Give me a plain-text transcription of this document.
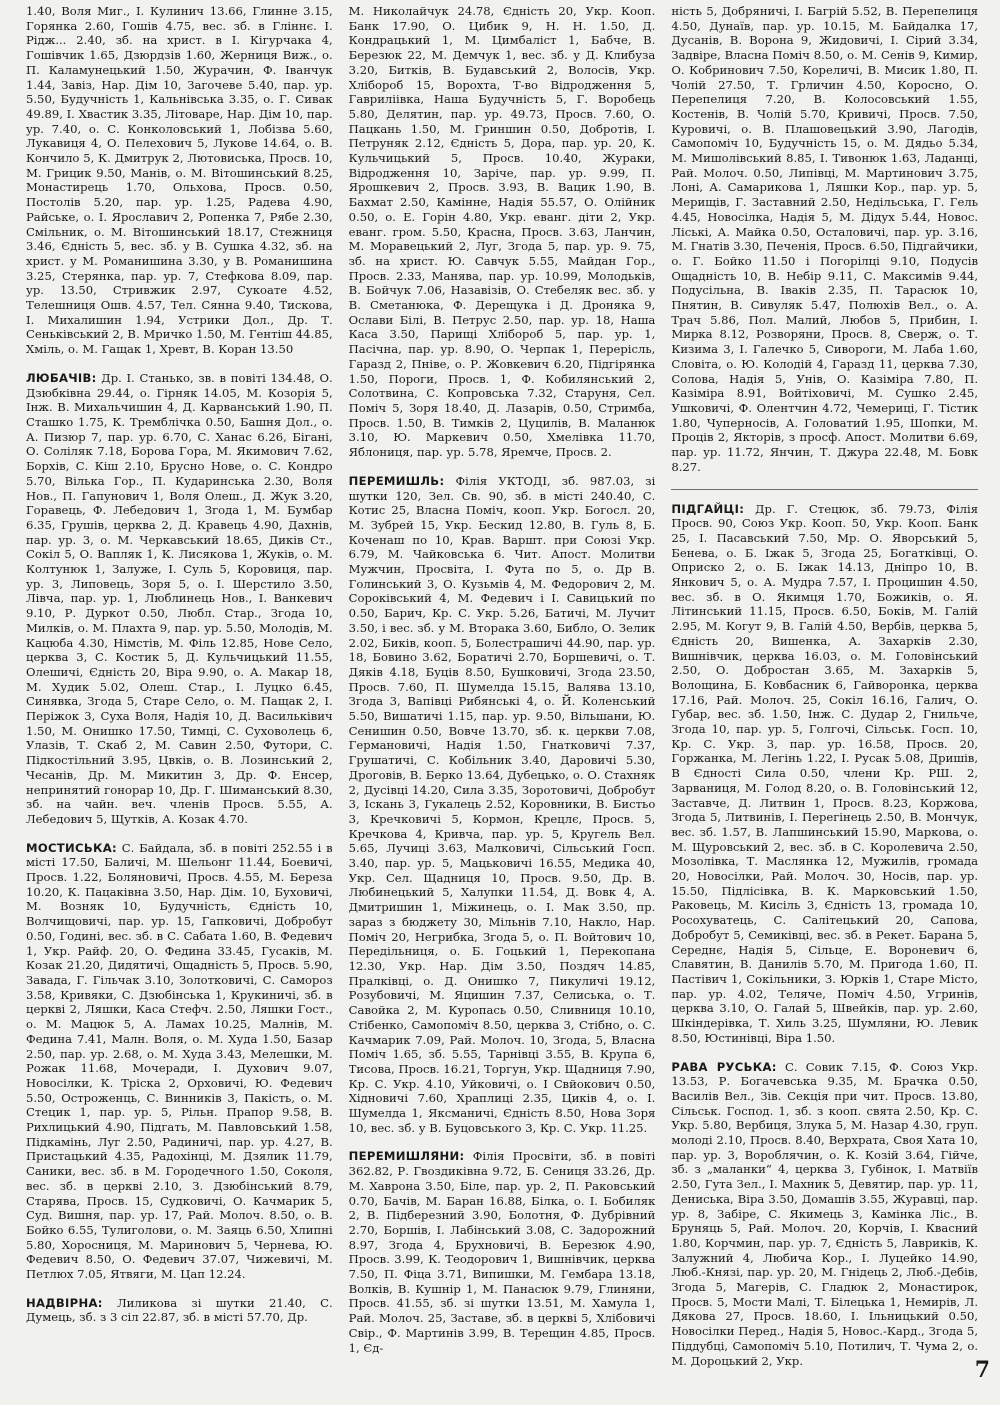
1.40, Воля Миг., І. Кулинич 13.66, Глинне 3.15, Горянка 2.60, Гошів 4.75, вес. зб. в Гліннє. І. Рідж... 2.40, зб. на христ. в І. Кігурчака 4, Гошівчик 1.65, Дзюрдзів 1.60, Жерниця Виж., о. П. Каламунецький 1.50, Журачин, Ф. Іванчук 1.44, Завіз, Нар. Дім 10, Загочеве 5.40, пар. ур. 5.50, Будучність 1, Кальнівська 3.35, о. Г. Сивак 49.89, І. Хвастик 3.35, Літоваре, Нар. Дім 10, пар. ур. 7.40, о. С. Конколовський 1, Лобізва 5.60, Лукавиця 4, О. Пелехович 5, Лукове 14.64, о. В. Кончило 5, К. Дмитрук 2, Лютовиська, Просв. 10, М. Грицик 9.50, Манів, о. М. Вітошинський 8.25, Монастирець 1.70, Ольхова, Просв. 0.50, Постолів 5.20, пар. ур. 1.25, Радева 4.90, Райське, о. І. Ярославич 2, Ропенка 7, Рябе 2.30, Смільник, о. М. Вітошинський 18.17, Стежниця 3.46, Єдність 5, вес. зб. у В. Сушка 4.32, зб. на христ. у М. Романишина 3.30, у В. Романишина 3.25, Стерянка, пар. ур. 7, Стефкова 8.09, пар. ур. 13.50, Стривжик 2.97, Сукоате 4.52, Телешниця Ошв. 4.57, Тел. Сянна 9.40, Тискова, І. Михалишин 1.94, Устрики Дол., Др. Т. Сеньківський 2, В. Мричко 1.50, М. Гентіш 44.85, Хміль, о. М. Гащак 1, Хревт, В. Коран 13.50

ЛЮБАЧІВ: Др. І. Станько, зв. в повіті 134.48, О. Дзюбківна 29.44, о. Гірняк 14.05, М. Козорія 5, Інж. В. Михальчишин 4, Д. Карванський 1.90, П. Сташко 1.75, К. Тремблічка 0.50, Башня Дол., о. А. Пизюр 7, пар. ур. 6.70, С. Ханас 6.26, Бігані, О. Солiляк 7.18, Борова Гора, М. Якимович 7.62, Борхів, С. Кіш 2.10, Брусно Нове, о. С. Кондро 5.70, Вілька Гор., П. Кударинська 2.30, Воля Нов., П. Гапунович 1, Воля Олеш., Д. Жук 3.20, Горавець, Ф. Лебедович 1, Згода 1, М. Бумбар 6.35, Грушів, церква 2, Д. Кравець 4.90, Дахнів, пар. ур. 3, о. М. Черкавський 18.65, Диків Ст., Сокіл 5, О. Вапляк 1, К. Лисякова 1, Жуків, о. М. Колтунюк 1, Залуже, І. Суль 5, Коровиця, пар. ур. 3, Липовець, Зоря 5, о. І. Шерстило 3.50, Лівча, пар. ур. 1, Люблинець Нов., І. Ванкевич 9.10, Р. Дуркот 0.50, Любл. Стар., Згода 10, Милків, о. М. Плахта 9, пар. ур. 5.50, Молодів, М. Кацюба 4.30, Німстів, М. Філь 12.85, Нове Село, церква 3, С. Костик 5, Д. Кульчицький 11.55, Олешичі, Єдність 20, Віра 9.90, о. А. Макар 18, М. Худик 5.02, Олеш. Стар., І. Луцко 6.45, Синявка, Згода 5, Старе Село, о. М. Пащак 2, І. Періжок 3, Суха Воля, Надія 10, Д. Васильківич 1.50, М. Онишко 17.50, Тимці, С. Суховолець 6, Улазів, Т. Скаб 2, М. Савин 2.50, Футори, С. Підкостільний 3.95, Цвків, о. В. Лозинський 2, Чесанів, Др. М. Микитин 3, Др. Ф. Енсер, непринятий гонорар 10, Др. Г. Шиманський 8.30, зб. на чайн. веч. членів Просв. 5.55, А. Лебедович 5, Щутків, А. Козак 4.70.

МОСТИСЬКА: С. Байдала, зб. в повіті 252.55 і в місті 17.50, Баличі, М. Шельонг 11.44, Боевичі, Просв. 1.22, Боляновичі, Просв. 4.55, М. Береза 10.20, К. Пацаківна 3.50, Нар. Дім. 10, Буховичі, М. Возняк 10, Будучність, Єдність 10, Волчищовичі, пар. ур. 15, Гапковичі, Добробут 0.50, Годині, вес. зб. в С. Сабата 1.60, В. Федевич 1, Укр. Райф. 20, О. Федина 33.45, Гусаків, М. Козак 21.20, Дидятичі, Ощадність 5, Просв. 5.90, Завада, Г. Гільчак 3.10, Золотковичі, С. Самороз 3.58, Кривяки, С. Дзюбінська 1, Крукиничі, зб. в церкві 2, Ляшки, Каса Стефч. 2.50, Ляшки Гост., о. М. Мацюк 5, А. Ламах 10.25, Малнів, М. Федина 7.41, Малн. Воля, о. М. Худа 1.50, Базар 2.50, пар. ур. 2.68, о. М. Худа 3.43, Мелешки, М. Рожак 11.68, Мочеради, І. Духович 9.07, Новосілки, К. Тріска 2, Орховичі, Ю. Федевич 5.50, Остроженць, С. Винників 3, Пакість, о. М. Стецик 1, пар. ур. 5, Рільн. Прапор 9.58, В. Рихлицький 4.90, Підгать, М. Павловський 1.58, Підкамінь, Луг 2.50, Радиничі, пар. ур. 4.27, В. Пристацький 4.35, Радохінці, М. Дзялик 11.79, Саники, вес. зб. в М. Городечного 1.50, Соколя, вес. зб. в церкві 2.10, З. Дзюбінський 8.79, Старява, Просв. 15, Судковичі, О. Качмарик 5, Суд. Вишня, пар. ур. 17, Рай. Молоч. 8.50, о. В. Бойко 6.55, Тулиголови, о. М. Заяць 6.50, Хлипні 5.80, Хоросниця, М. Маринович 5, Чернева, Ю. Федевич 8.50, О. Федевич 37.07, Чижевичі, М. Петлюх 7.05, Ятвяги, М. Цап 12.24.

НАДВІРНА: Лиликова зі шутки 21.40, С. Думець, зб. з 3 сіл 22.87, зб. в місті 57.70, Др.

М. Николайчук 24.78, Єдність 20, Укр. Кооп. Банк 17.90, О. Цибик 9, Н. Н. 1.50, Д. Кондрацький 1, М. Цимбаліст 1, Бабче, В. Березюк 22, М. Демчук 1, вес. зб. у Д. Клибуза 3.20, Битків, В. Будавський 2, Волосів, Укр. Хлібороб 15, Ворохта, Т-во Відродження 5, Гавриліівка, Наша Будучність 5, Г. Воробець 5.80, Делятин, пар. ур. 49.73, Просв. 7.60, О. Пацкань 1.50, М. Гриншин 0.50, Добротів, І. Петруняк 2.12, Єдність 5, Дора, пар. ур. 20, К. Кульчицький 5, Просв. 10.40, Жураки, Відродження 10, Заріче, пар. ур. 9.99, П. Ярошкевич 2, Просв. 3.93, В. Вацик 1.90, В. Бахмат 2.50, Камінне, Надія 55.57, О. Олійник 0.50, о. Е. Горін 4.80, Укр. еванг. діти 2, Укр. еванг. гром. 5.50, Красна, Просв. 3.63, Ланчин, М. Моравецький 2, Луг, Згода 5, пар. ур. 9. 75, зб. на христ. Ю. Савчук 5.55, Майдан Гор., Просв. 2.33, Манява, пар. ур. 10.99, Молодьків, В. Бойчук 7.06, Назавізів, О. Стебеляк вес. зб. у В. Сметанюка, Ф. Дерещука і Д. Дроняка 9, Ослави Білі, В. Петрус 2.50, пар. ур. 18, Наша Каса 3.50, Парищі Хлібороб 5, пар. ур. 1, Пасічна, пар. ур. 8.90, О. Черпак 1, Перерісль, Гаразд 2, Пніве, о. Р. Жовкевич 6.20, Підгірянка 1.50, Пороги, Просв. 1, Ф. Кобилянський 2, Солотвина, С. Копровська 7.32, Старуня, Сел. Поміч 5, Зоря 18.40, Д. Лазарів, 0.50, Стримба, Просв. 1.50, В. Тимків 2, Цуцилів, В. Маланюк 3.10, Ю. Маркевич 0.50, Хмелівка 11.70, Яблониця, пар. ур. 5.78, Яремче, Просв. 2.

ПЕРЕМИШЛЬ: Філія УКТОДІ, зб. 987.03, зі шутки 120, Зел. Св. 90, зб. в місті 240.40, С. Котис 25, Власна Поміч, кооп. Укр. Богосл. 20, М. Зубрей 15, Укр. Бескид 12.80, В. Гуль 8, Б. Коченаш по 10, Крав. Варшт. при Союзі Укр. 6.79, М. Чайковська 6. Чит. Апост. Молитви Мужчин, Просвіта, І. Фута по 5, о. Др В. Голинський 3, О. Кузьмів 4, М. Федорович 2, М. Сороківський 4, М. Федевич і І. Савицький по 0.50, Барич, Кр. С. Укр. 5.26, Батичі, М. Лучит 3.50, і вес. зб. у М. Вторака 3.60, Библо, О. Зелик 2.02, Биків, кооп. 5, Болестрашичі 44.90, пар. ур. 18, Бовино 3.62, Боратичі 2.70, Боршевичі, о. Т. Дяків 4.18, Буців 8.50, Бушковичі, Згода 23.50, Просв. 7.60, П. Шумелда 15.15, Валява 13.10, Згода 3, Вапівці Рибянські 4, о. Й. Коленський 5.50, Вишатичі 1.15, пар. ур. 9.50, Вільшани, Ю. Сенишин 0.50, Вовче 13.70, зб. к. церкви 7.08, Германовичі, Надія 1.50, Гнатковичі 7.37, Грушатичі, С. Кобільник 3.40, Даровичі 5.30, Дроговів, В. Берко 13.64, Дубецько, о. О. Стахняк 2, Дусівці 14.20, Сила 3.35, Зоротовичі, Добробут 3, Іскань 3, Гукалець 2.52, Коровники, В. Бистьо 3, Кречковичі 5, Кормон, Крецлє, Просв. 5, Кречкова 4, Кривча, пар. ур. 5, Кругель Вел. 5.65, Лучиці 3.63, Малковичі, Сільський Госп. 3.40, пар. ур. 5, Мацьковичі 16.55, Медика 40, Укр. Сел. Щадниця 10, Просв. 9.50, Др. В. Любинецький 5, Халупки 11.54, Д. Вовк 4, А. Дмитришин 1, Міжинець, о. І. Мак 3.50, пр. зараз з бюджету 30, Мільнів 7.10, Накло, Нар. Поміч 20, Негрибка, Згода 5, о. П. Войтович 10, Передільниця, о. Б. Гоцький 1, Перекопана 12.30, Укр. Нар. Дім 3.50, Поздяч 14.85, Пралківці, о. Д. Онишко 7, Пикуличі 19.12, Розубовичі, М. Яцишин 7.37, Селиська, о. Т. Савойка 2, М. Куропась 0.50, Сливниця 10.10, Стібенко, Самопоміч 8.50, церква 3, Стібно, о. С. Качмарик 7.09, Рай. Молоч. 10, Згода, 5, Власна Поміч 1.65, зб. 5.55, Тарнівці 3.55, В. Крупа 6, Тисова, Просв. 16.21, Торгун, Укр. Щадниця 7.90, Кр. С. Укр. 4.10, Уйковичі, о. І Свйокович 0.50, Хідновичі 7.60, Храплиці 2.35, Циків 4, о. І. Шумелда 1, Яксманичі, Єдність 8.50, Нова Зоря 10, вес. зб. у В. Буцовського 3, Кр. С. Укр. 11.25.

ПЕРЕМИШЛЯНИ: Філія Просвіти, зб. в повіті 362.82, Р. Гвоздиківна 9.72, Б. Сениця 33.26, Др. М. Хаврона 3.50, Біле, пар. ур. 2, П. Раковський 0.70, Бачів, М. Баран 16.88, Білка, о. І. Бобиляк 2, В. Підберезний 3.90, Болотня, Ф. Дубрівний 2.70, Боршів, І. Лабінський 3.08, С. Задорожний 8.97, Згода 4, Брухновичі, В. Березюк 4.90, Просв. 3.99, К. Теодорович 1, Вишнівчик, церква 7.50, П. Фіца 3.71, Випишки, М. Гембара 13.18, Волків, В. Кушнір 1, М. Панасюк 9.79, Глиняни, Просв. 41.55, зб. зі шутки 13.51, М. Хамула 1, Рай. Молоч. 25, Заставе, зб. в церкві 5, Хлібовичі Свір., Ф. Мартинів 3.99, В. Терещин 4.85, Просв. 1, Єд-

ність 5, Добряничі, І. Багрій 5.52, В. Перепелиця 4.50, Дунаїв, пар. ур. 10.15, М. Байдалка 17, Дусанів, В. Ворона 9, Жидовичі, І. Сірий 3.34, Задвіре, Власна Поміч 8.50, о. М. Сенів 9, Кимир, О. Кобринович 7.50, Кореличі, В. Мисик 1.80, П. Чолій 27.50, Т. Грличин 4.50, Коросно, О. Перепелиця 7.20, В. Колосовський 1.55, Костенів, В. Чолій 5.70, Кривичі, Просв. 7.50, Куровичі, о. В. Плашовецький 3.90, Лагодів, Самопоміч 10, Будучність 15, о. М. Дядьо 5.34, М. Мишолівський 8.85, І. Тивонюк 1.63, Ладанці, Рай. Молоч. 0.50, Липівці, М. Мартинович 3.75, Лоні, А. Самарикова 1, Ляшки Кор., пар. ур. 5, Мерищів, Г. Заставний 2.50, Недільська, Г. Гель 4.45, Новосілка, Надія 5, М. Дідух 5.44, Новос. Ліські, А. Майка 0.50, Осталовичі, пар. ур. 3.16, М. Гнатів 3.30, Печенія, Просв. 6.50, Підгайчики, о. Г. Бойко 11.50 і Погорілці 9.10, Подусів Ощадність 10, В. Небір 9.11, С. Максимів 9.44, Подусільна, В. Іваків 2.35, П. Тарасюк 10, Пнятин, В. Сивуляк 5.47, Полюхів Вел., о. А. Трач 5.86, Пол. Малий, Любов 5, Прибин, І. Мирка 8.12, Розворяни, Просв. 8, Сверж, о. Т. Кизима 3, І. Галечко 5, Сивороги, М. Лаба 1.60, Словіта, о. Ю. Колодій 4, Гаразд 11, церква 7.30, Солова, Надія 5, Унів, О. Казіміра 7.80, П. Казіміра 8.91, Войтіховичі, М. Сушко 2.45, Ушковичі, Ф. Олентчин 4.72, Чемериці, Г. Тістик 1.80, Чуперносів, А. Головатий 1.95, Шопки, М. Проців 2, Якторів, з просф. Апост. Молитви 6.69, пар. ур. 11.72, Янчин, Т. Джура 22.48, М. Бовк 8.27.

ПІДГАЙЦІ: Др. Г. Стецюк, зб. 79.73, Філія Просв. 90, Союз Укр. Кооп. 50, Укр. Кооп. Банк 25, І. Пасавський 7.50, Мр. О. Яворський 5, Бенева, о. Б. Іжак 5, Згода 25, Богатківці, О. Оприско 2, о. Б. Іжак 14.13, Дніпро 10, В. Янкович 5, о. А. Мудра 7.57, І. Процишин 4.50, вес. зб. в О. Якимця 1.70, Божиків, о. Я. Літинський 11.15, Просв. 6.50, Боків, М. Галій 2.95, М. Когут 9, В. Галій 4.50, Вербів, церква 5, Єдність 20, Вишенка, А. Захарків 2.30, Вишнівчик, церква 16.03, о. М. Головінський 2.50, О. Добростан 3.65, М. Захарків 5, Волощина, Б. Ковбасник 6, Гайворонка, церква 17.16, Рай. Молоч. 25, Сокіл 16.16, Галич, О. Губар, вес. зб. 1.50, Інж. С. Дудар 2, Гнильче, Згода 10, пар. ур. 5, Голгочі, Сільськ. Госп. 10, Кр. С. Укр. 3, пар. ур. 16.58, Просв. 20, Горжанка, М. Легінь 1.22, І. Русак 5.08, Дришів, В Єдності Сила 0.50, члени Кр. РШ. 2, Зарваниця, М. Голод 8.20, о. В. Головінський 12, Заставче, Д. Литвин 1, Просв. 8.23, Коржова, Згода 5, Литвинів, І. Перегінець 2.50, В. Мончук, вес. зб. 1.57, В. Лапшинський 15.90, Маркова, о. М. Щуровський 2, вес. зб. в С. Королевича 2.50, Мозолівка, Т. Маслянка 12, Мужилів, громада 20, Новосілки, Рай. Молоч. 30, Носів, пар. ур. 15.50, Підлісівка, В. К. Марковський 1.50, Раковець, М. Кисіль 3, Єдність 13, громада 10, Росохуватець, С. Салітецький 20, Сапова, Добробут 5, Семиківці, вес. зб. в Рекет. Барана 5, Середнє, Надія 5, Сільце, Е. Вороневич 6, Славятин, В. Данилів 5.70, М. Пригода 1.60, П. Пастівич 1, Сокільники, З. Юрків 1, Старе Місто, пар. ур. 4.02, Теляче, Поміч 4.50, Угринів, церква 3.10, О. Галай 5, Швейків, пар. ур. 2.60, Шкіндерівка, Т. Хиль 3.25, Шумляни, Ю. Левик 8.50, Юстинівці, Віра 1.50.

РАВА РУСЬКА: С. Совик 7.15, Ф. Союз Укр. 13.53, Р. Богачевська 9.35, М. Брачка 0.50, Василів Вел., Зів. Секція при чит. Просв. 13.80, Сільськ. Господ. 1, зб. з кооп. свята 2.50, Кр. С. Укр. 5.80, Вербиця, Злука 5, М. Назар 4.30, груп. молоді 2.10, Просв. 8.40, Верхрата, Своя Хата 10, пар. ур. 3, Вороблячин, о. К. Козій 3.64, Гійче, зб. з „маланки“ 4, церква 3, Губінок, І. Матвіїв 2.50, Гута Зел., І. Махник 5, Девятир, пар. ур. 11, Дениська, Віра 3.50, Домашів 3.55, Журавці, пар. ур. 8, Забіре, С. Якимець 3, Камінка Ліс., В. Бруняць 5, Рай. Молоч. 20, Корчів, І. Квасний 1.80, Корчмин, пар. ур. 7, Єдність 5, Лавриків, К. Залужний 4, Любича Кор., І. Луцейко 14.90, Люб.-Князі, пар. ур. 20, М. Гнідець 2, Люб.-Дебів, Згода 5, Магерів, С. Гладюк 2, Монастирок, Просв. 5, Мости Малі, Т. Білецька 1, Немирів, Л. Дякова 27, Просв. 18.60, І. Ільницький 0.50, Новосілки Перед., Надія 5, Новос.-Кард., Згода 5, Піддубці, Самопоміч 5.10, Потилич, Т. Чума 2, о. М. Дороцький 2, Укр.	7
